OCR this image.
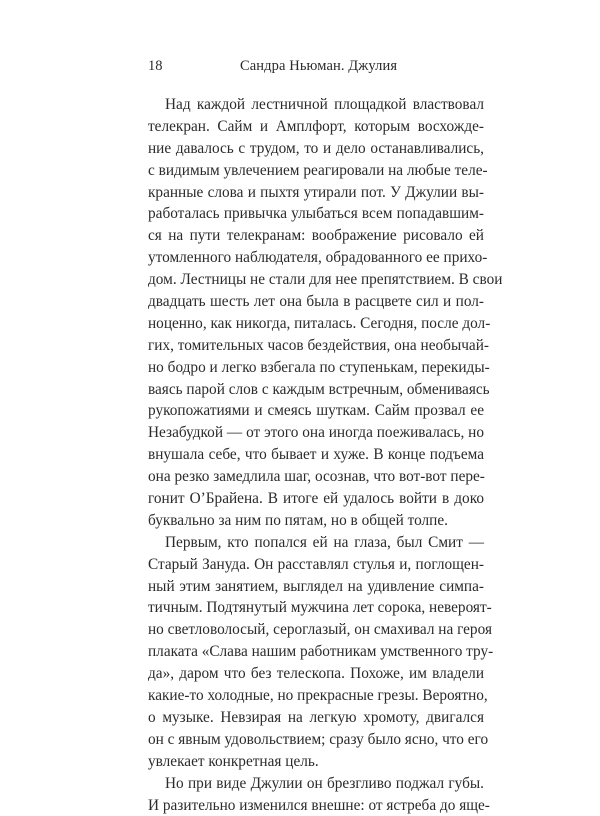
18	Сандра Ньюман. Джулия
Над каждой лестничной площадкой властвовал
телекран. Сайм и Амплфорт, которым восхожде-
ние давалось с трудом, то и дело останавливались,
с видимым увлечением реагировали на любые теле-
кранные слова и пыхтя утирали пот. У Джулии вы-
работалась привычка улыбаться всем попадавшим-
ся на пути телекранам: воображение рисовало ей
утомленного наблюдателя, обрадованного ее прихо-
дом. Лестницы не стали для нее препятствием. В свои
двадцать шесть лет она была в расцвете сил и пол-
ноценно, как никогда, питалась. Сегодня, после дол-
гих, томительных часов бездействия, она необычай-
но бодро и легко взбегала по ступенькам, перекиды-
ваясь парой слов с каждым встречным, обмениваясь
рукопожатиями и смеясь шуткам. Сайм прозвал ее
Незабудкой — от этого она иногда поеживалась, но
внушала себе, что бывает и хуже. В конце подъема
она резко замедлила шаг, осознав, что вот-вот пере-
гонит О’Брайена. В итоге ей удалось войти в доко
буквально за ним по пятам, но в общей толпе.
Первым, кто попался ей на глаза, был Смит —
Старый Зануда. Он расставлял стулья и, поглощен-
ный этим занятием, выглядел на удивление симпа-
тичным. Подтянутый мужчина лет сорока, невероят-
но светловолосый, сероглазый, он смахивал на героя
плаката «Слава нашим работникам умственного тру-
да», даром что без телескопа. Похоже, им владели
какие-то холодные, но прекрасные грезы. Вероятно,
о музыке. Невзирая на легкую хромоту, двигался
он с явным удовольствием; сразу было ясно, что его
увлекает конкретная цель.
Но при виде Джулии он брезгливо поджал губы.
И разительно изменился внешне: от ястреба до яще-
